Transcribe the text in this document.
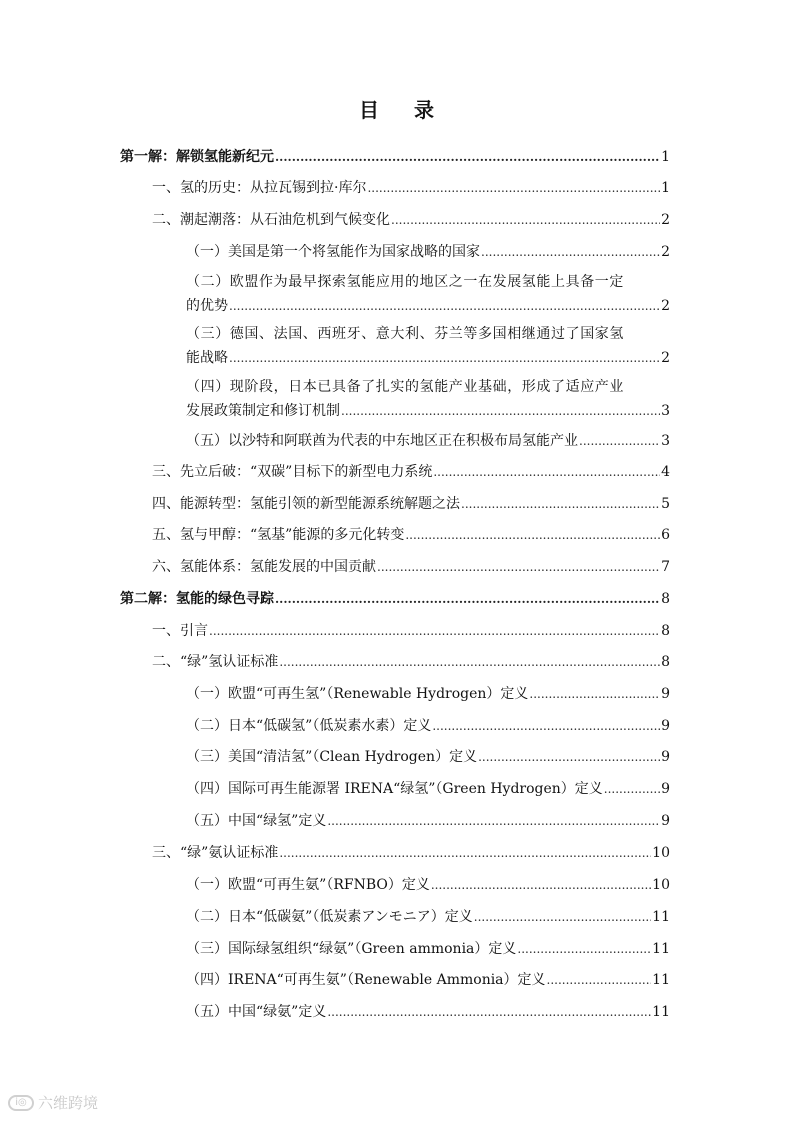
目 录
第一解：解锁氢能新纪元 .....	1
一、氢的历史：从拉瓦锡到拉·库尔 .....	1
二、潮起潮落：从石油危机到气候变化 .....	2
（一）美国是第一个将氢能作为国家战略的国家 .....	2
（二）欧盟作为最早探索氢能应用的地区之一在发展氢能上具备一定
的优势 .....	2
（三）德国、法国、西班牙、意大利、芬兰等多国相继通过了国家氢
能战略 .....	2
（四）现阶段，日本已具备了扎实的氢能产业基础，形成了适应产业
发展政策制定和修订机制 .....	3
（五）以沙特和阿联酋为代表的中东地区正在积极布局氢能产业 .....	3
三、先立后破：“双碳”目标下的新型电力系统 .....	4
四、能源转型：氢能引领的新型能源系统解题之法 .....	5
五、氢与甲醇：“氢基”能源的多元化转变 .....	6
六、氢能体系：氢能发展的中国贡献 .....	7
第二解：氢能的绿色寻踪 .....	8
一、引言 .....	8
二、“绿”氢认证标准 .....	8
（一）欧盟“可再生氢”（Renewable Hydrogen）定义 .....	9
（二）日本“低碳氢”（低炭素水素）定义 .....	9
（三）美国“清洁氢”（Clean Hydrogen）定义 .....	9
（四）国际可再生能源署 IRENA“绿氢”（Green Hydrogen）定义 .....	9
（五）中国“绿氢”定义 .....	9
三、“绿”氨认证标准 .....	10
（一）欧盟“可再生氨”（RFNBO）定义 .....	10
（二）日本“低碳氨”（低炭素アンモニア）定义 .....	11
（三）国际绿氢组织“绿氨”（Green ammonia）定义 .....	11
（四）IRENA“可再生氨”（Renewable Ammonia）定义 .....	11
（五）中国“绿氨”定义 .....	11
i◎ 六维跨境
